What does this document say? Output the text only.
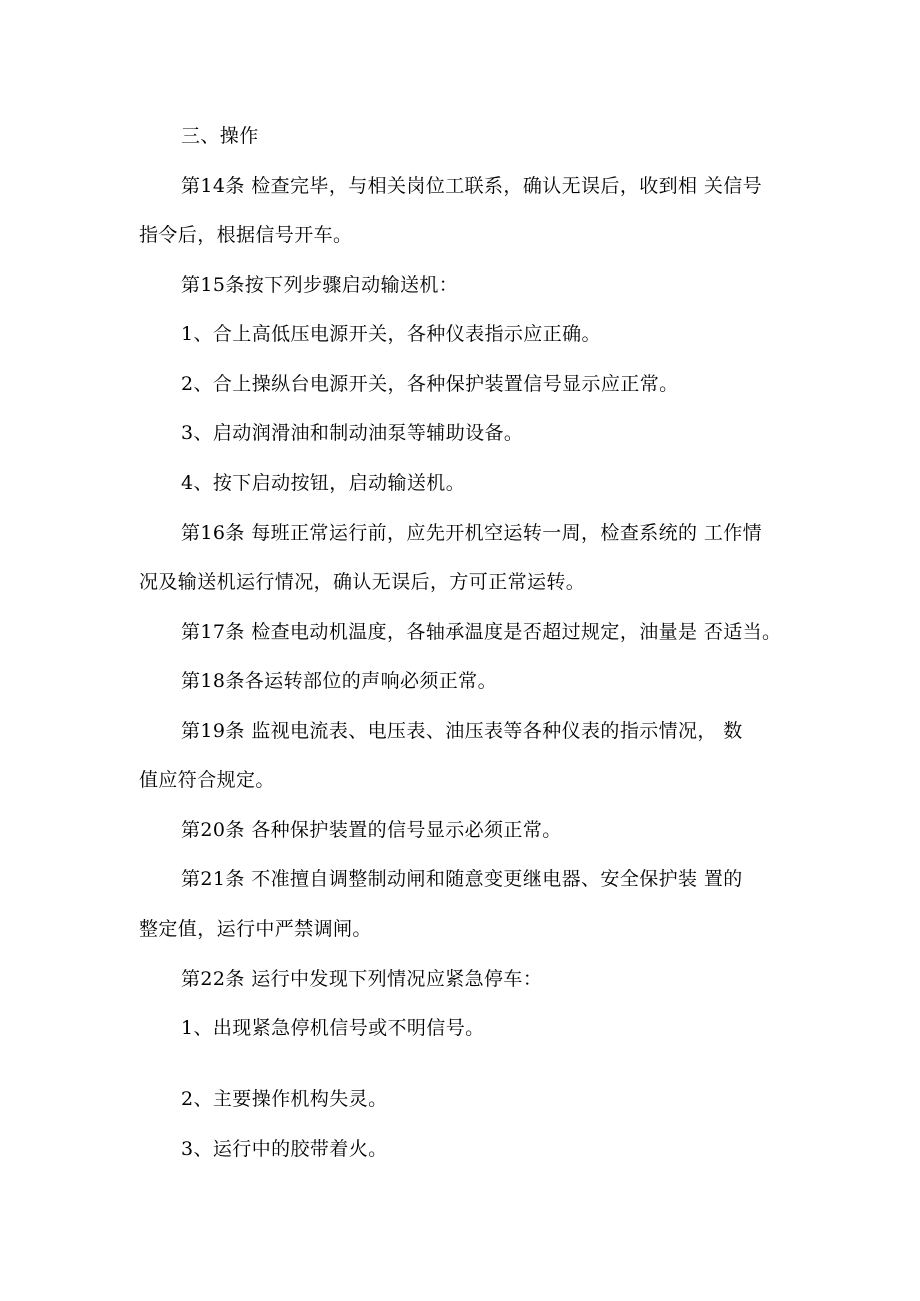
三、操作
第14条 检查完毕，与相关岗位工联系，确认无误后，收到相 关信号
指令后，根据信号开车。
第15条按下列步骤启动输送机：
1、合上高低压电源开关，各种仪表指示应正确。
2、合上操纵台电源开关，各种保护装置信号显示应正常。
3、启动润滑油和制动油泵等辅助设备。
4、按下启动按钮，启动输送机。
第16条 每班正常运行前，应先开机空运转一周，检查系统的 工作情
况及输送机运行情况，确认无误后，方可正常运转。
第17条 检查电动机温度，各轴承温度是否超过规定，油量是 否适当。
第18条各运转部位的声响必须正常。
第19条 监视电流表、电压表、油压表等各种仪表的指示情况， 数
值应符合规定。
第20条 各种保护装置的信号显示必须正常。
第21条 不准擅自调整制动闸和随意变更继电器、安全保护装 置的
整定值，运行中严禁调闸。
第22条 运行中发现下列情况应紧急停车：
1、出现紧急停机信号或不明信号。
2、主要操作机构失灵。
3、运行中的胶带着火。
